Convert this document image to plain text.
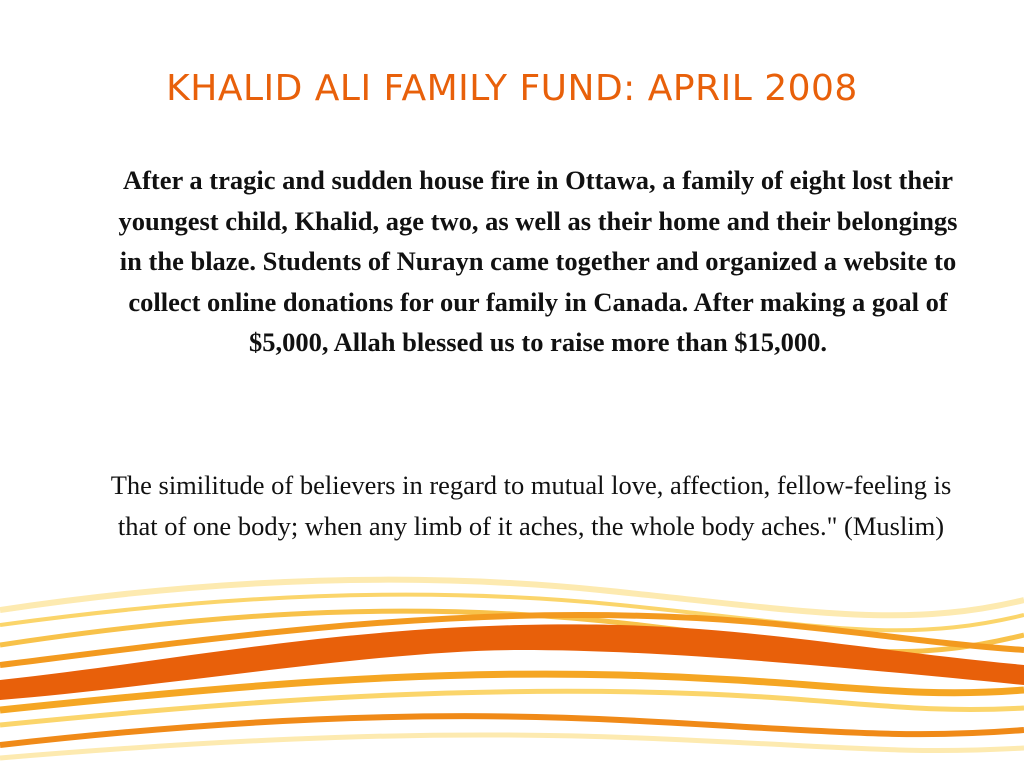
KHALID ALI FAMILY FUND: APRIL 2008

After a tragic and sudden house fire in Ottawa, a family of eight lost their youngest child, Khalid, age two, as well as their home and their belongings in the blaze. Students of Nurayn came together and organized a website to collect online donations for our family in Canada. After making a goal of $5,000, Allah blessed us to raise more than $15,000.

The similitude of believers in regard to mutual love, affection, fellow-feeling is that of one body; when any limb of it aches, the whole body aches." (Muslim)
